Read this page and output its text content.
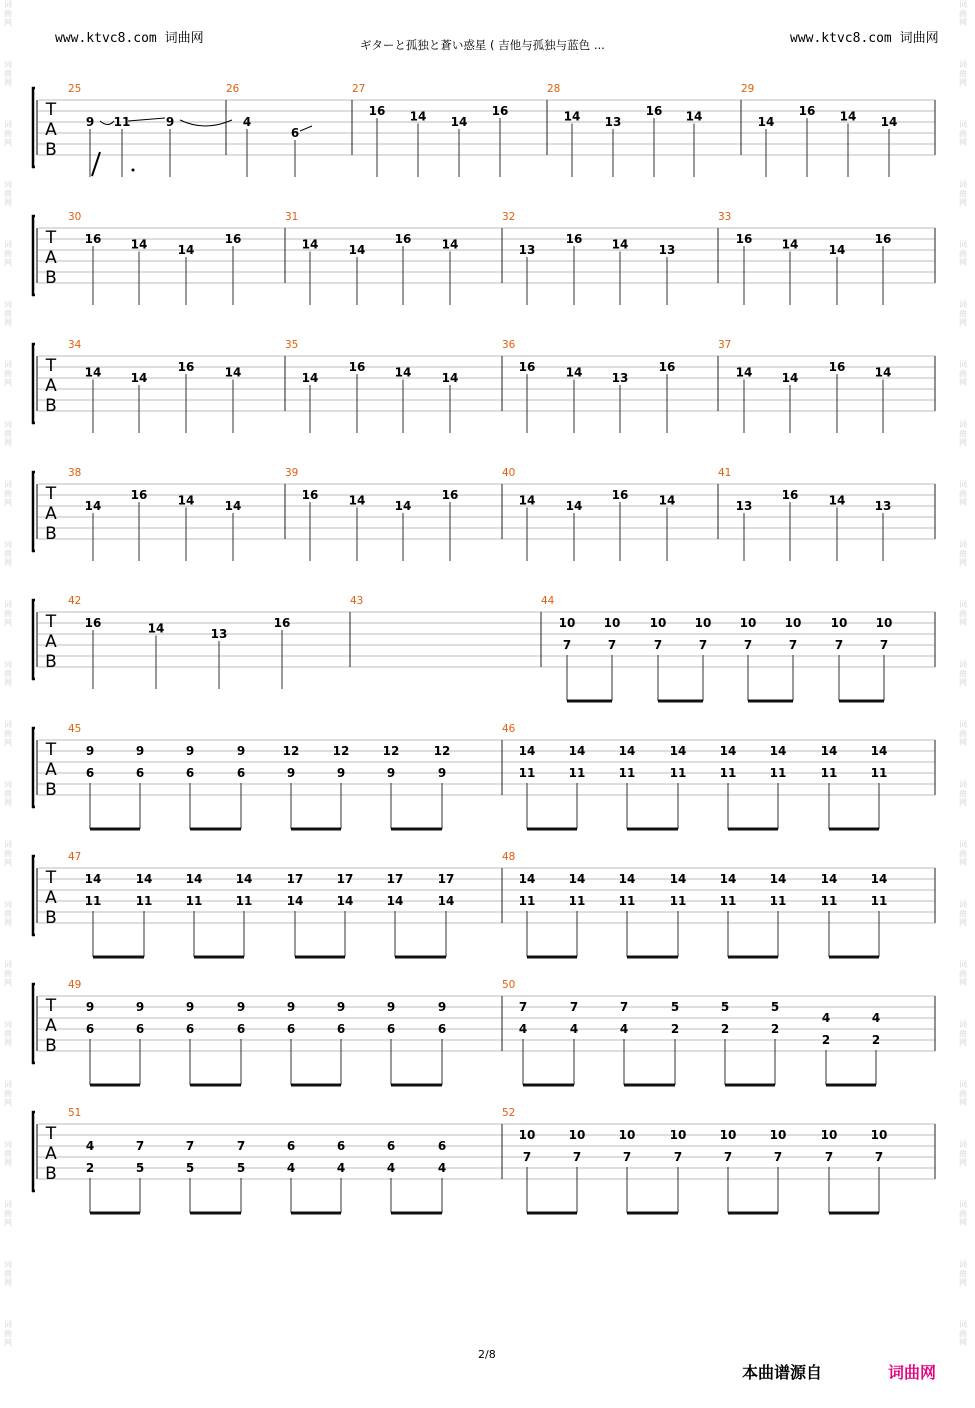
词
曲
网
词
曲
网
词
曲
网
词
曲
网
词
曲
网
词
曲
网
词
曲
网
词
曲
网
词
曲
网
词
曲
网
词
曲
网
词
曲
网
词
曲
网
词
曲
网
词
曲
网
词
曲
网
词
曲
网
词
曲
网
词
曲
网
词
曲
网
词
曲
网
词
曲
网
词
曲
网
词
曲
网
词
曲
网
词
曲
网
词
曲
网
词
曲
网
词
曲
网
词
曲
网
词
曲
网
词
曲
网
词
曲
网
词
曲
网
词
曲
网
词
曲
网
词
曲
网
词
曲
网
词
曲
网
词
曲
网
词
曲
网
词
曲
网
词
曲
网
词
曲
网
词
曲
网
词
曲
网
www.ktvc8.com 词曲网	ギターと孤独と蒼い惑星 ( 吉他与孤独与蓝色 ...	www.ktvc8.com 词曲网
T
A
B
25
9 11	9
26
4
6
27
16 14 14
16
28
14 13
16 14
29
14
16 14 14
T
A
B
30
16 14	14
16
31
14	14
16	14
32
13
16 14	13
33
16 14	14
16
T
A
B
34
14 14
16	14
35
14
16 14	14
36
16	14 13
16
37
14 14
16 14
T
A
B
38
14
16	14	14
39
16	14 14
16
40
14	14
16	14
41
13
16	14 13
T
A
B
42
16	14	13
16
43	44
10
7
10
7
10
7
10
7
10
7
10
7
10
7
10
7
T
A
B
45
9
6
9
6
9
6
9
6
12
9
12
9
12
9
12
9
46
14
11
14
11
14
11
14
11
14
11
14
11
14
11
14
11
T
A
B
47
14
11
14
11
14
11
14
11
17
14
17
14
17
14
17
14
48
14
11
14
11
14
11
14
11
14
11
14
11
14
11
14
11
T
A
B
49
9
6
9
6
9
6
9
6
9
6
9
6
9
6
9
6
50
7
4
7
4
7
4
5
2
5
2
5
2
4
2
4
2
T
A
B
51
4
2
7
5
7
5
7
5
6
4
6
4
6
4
6
4
52
10
7
10
7
10
7
10
7
10
7
10
7
10
7
10
7
2/8
本曲谱源自	词曲网
